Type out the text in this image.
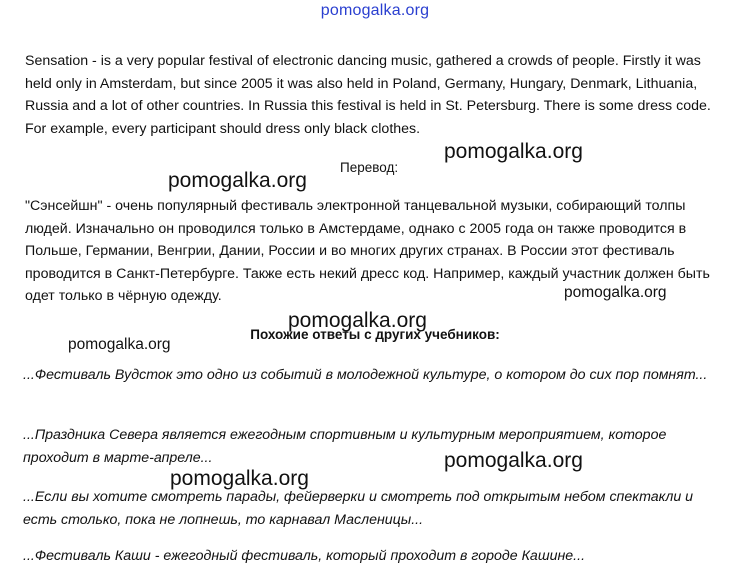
pomogalka.org

Sensation - is a very popular festival of electronic dancing music, gathered a crowds of people. Firstly it was held only in Amsterdam, but since 2005 it was also held in Poland, Germany, Hungary, Denmark, Lithuania, Russia and a lot of other countries. In Russia this festival is held in St. Petersburg. There is some dress code. For example, every participant should dress only black clothes.

Перевод:

"Сэнсейшн" - очень популярный фестиваль электронной танцевальной музыки, собирающий толпы людей. Изначально он проводился только в Амстердаме, однако с 2005 года он также проводится в Польше, Германии, Венгрии, Дании, России и во многих других странах. В России этот фестиваль проводится в Санкт-Петербурге. Также есть некий дресс код. Например, каждый участник должен быть одет только в чёрную одежду.

Похожие ответы с других учебников:

...Фестиваль Вудсток это одно из событий в молодежной культуре, о котором до сих пор помнят...

...Праздника Севера является ежегодным спортивным и культурным мероприятием, которое проходит в марте-апреле...

...Если вы хотите смотреть парады, фейерверки и смотреть под открытым небом спектакли и есть столько, пока не лопнешь, то карнавал Масленицы...

...Фестиваль Каши - ежегодный фестиваль, который проходит в городе Кашине...

pomogalka.org
pomogalka.org
pomogalka.org
pomogalka.org
pomogalka.org
pomogalka.org
pomogalka.org
